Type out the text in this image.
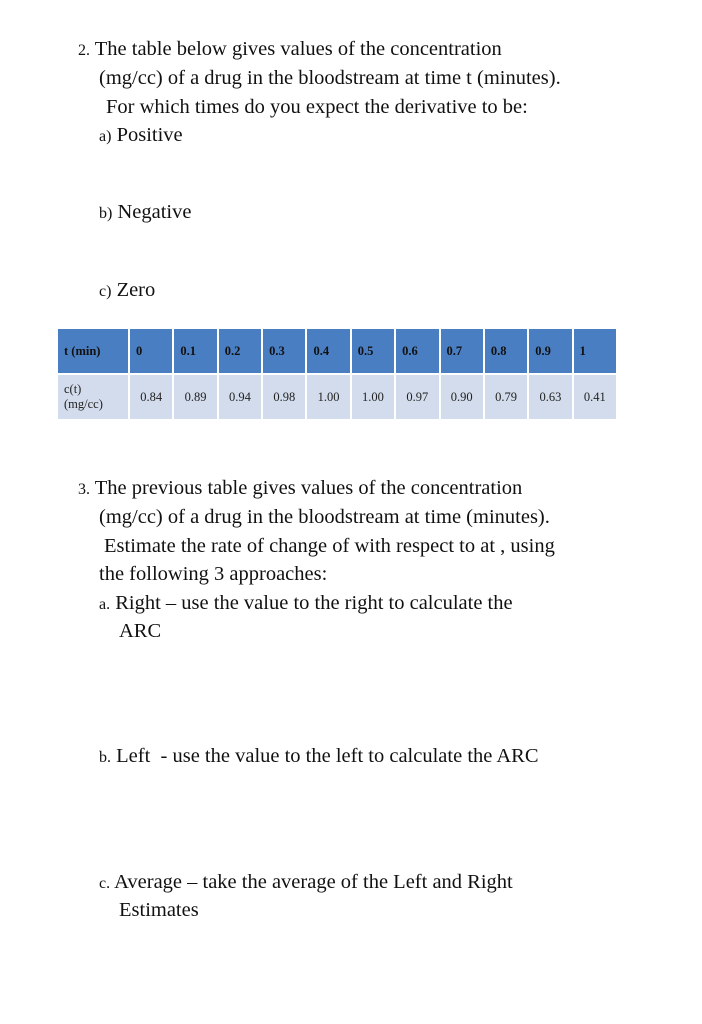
2. The table below gives values of the concentration
(mg/cc) of a drug in the bloodstream at time t (minutes).
For which times do you expect the derivative to be:
a) Positive
b) Negative
c) Zero
t (min)	0	0.1	0.2	0.3	0.4	0.5	0.6	0.7	0.8	0.9	1
c(t)
(mg/cc)	0.84	0.89	0.94	0.98	1.00	1.00	0.97	0.90	0.79	0.63	0.41
3. The previous table gives values of the concentration
(mg/cc) of a drug in the bloodstream at time (minutes).
Estimate the rate of change of with respect to at , using
the following 3 approaches:
a. Right – use the value to the right to calculate the
ARC
b. Left  - use the value to the left to calculate the ARC
c. Average – take the average of the Left and Right
Estimates
